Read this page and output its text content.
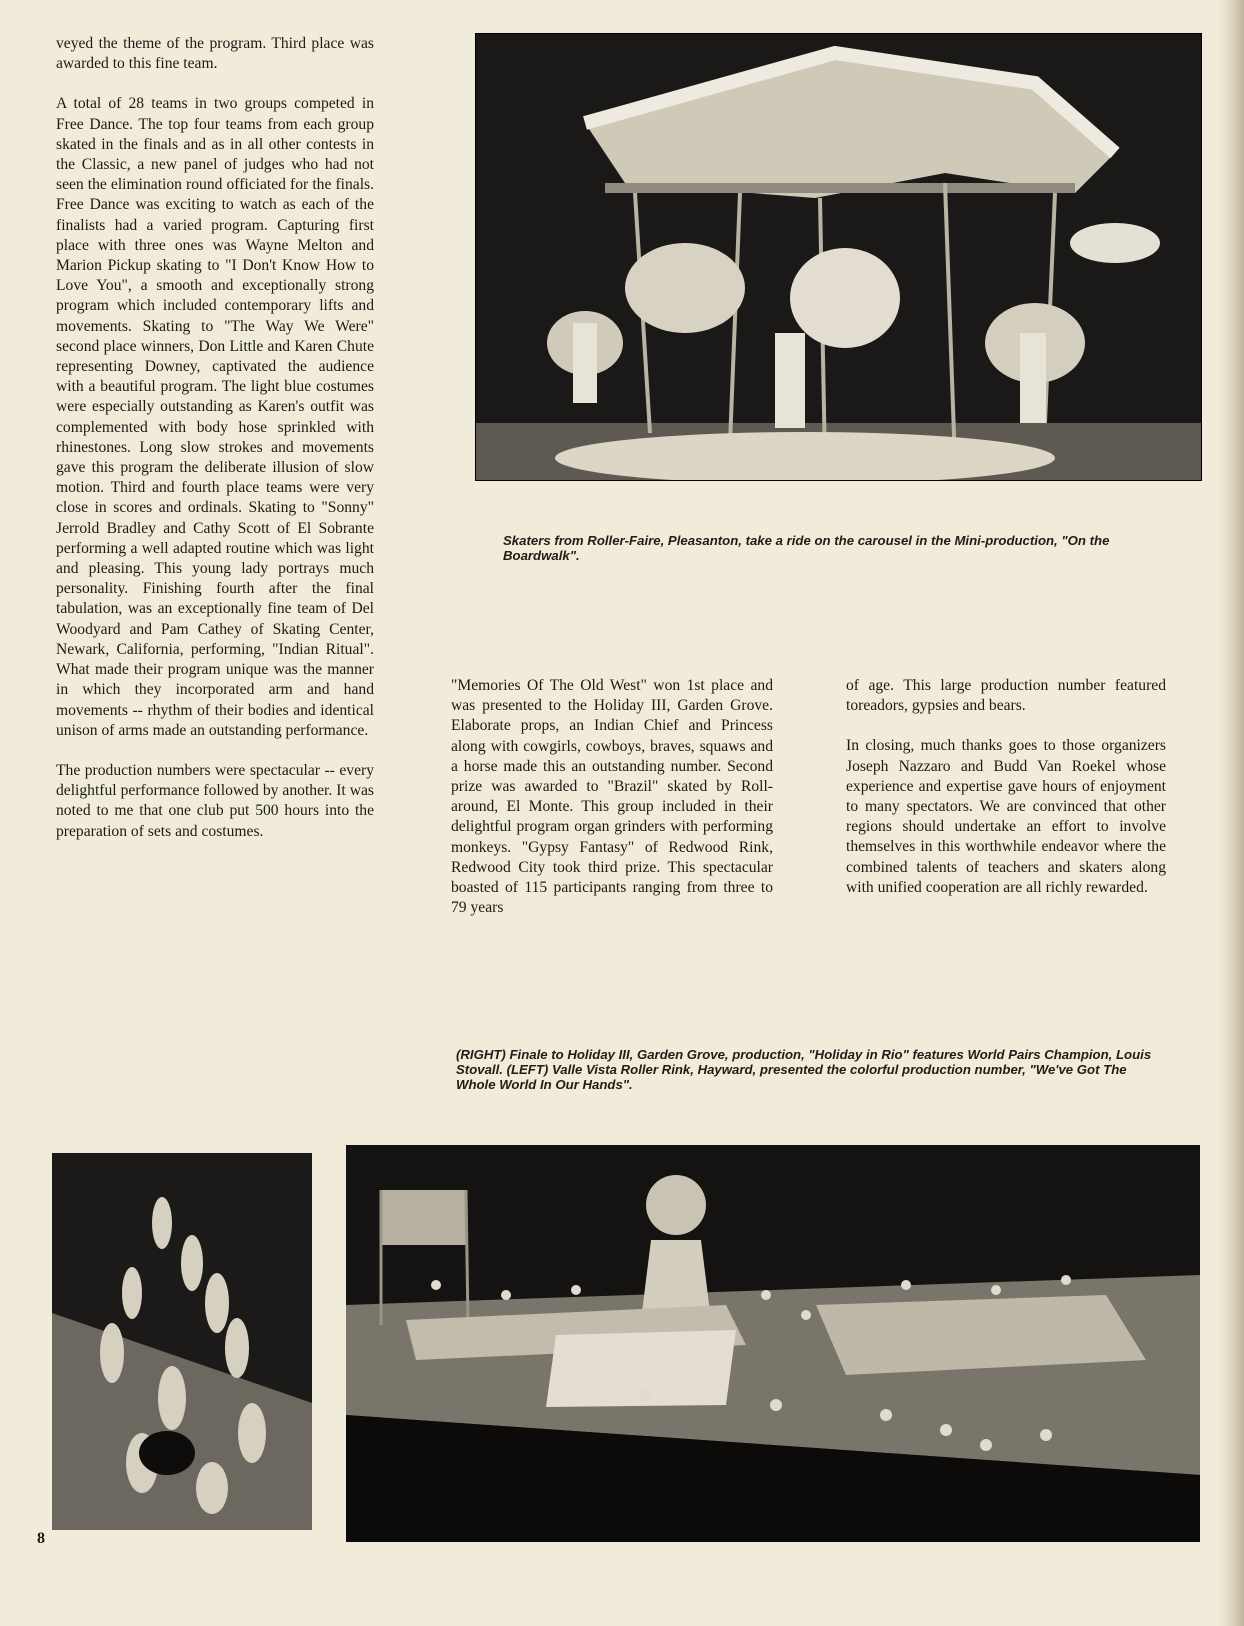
veyed the theme of the program. Third place was awarded to this fine team.

A total of 28 teams in two groups competed in Free Dance. The top four teams from each group skated in the finals and as in all other contests in the Classic, a new panel of judges who had not seen the elimination round officiated for the finals. Free Dance was exciting to watch as each of the finalists had a varied program. Capturing first place with three ones was Wayne Melton and Marion Pickup skating to "I Don't Know How to Love You", a smooth and exceptionally strong program which included contemporary lifts and movements. Skating to "The Way We Were" second place winners, Don Little and Karen Chute representing Downey, captivated the audience with a beautiful program. The light blue costumes were especially outstanding as Karen's outfit was complemented with body hose sprinkled with rhinestones. Long slow strokes and movements gave this program the deliberate illusion of slow motion. Third and fourth place teams were very close in scores and ordinals. Skating to "Sonny" Jerrold Bradley and Cathy Scott of El Sobrante performing a well adapted routine which was light and pleasing. This young lady portrays much personality. Finishing fourth after the final tabulation, was an exceptionally fine team of Del Woodyard and Pam Cathey of Skating Center, Newark, California, performing, "Indian Ritual". What made their program unique was the manner in which they incorporated arm and hand movements -- rhythm of their bodies and identical unison of arms made an outstanding performance.

The production numbers were spectacular -- every delightful performance followed by another. It was noted to me that one club put 500 hours into the preparation of sets and costumes.

Skaters from Roller-Faire, Pleasanton, take a ride on the carousel in the Mini-production, "On the Boardwalk".

"Memories Of The Old West" won 1st place and was presented to the Holiday III, Garden Grove. Elaborate props, an Indian Chief and Princess along with cowgirls, cowboys, braves, squaws and a horse made this an outstanding number. Second prize was awarded to "Brazil" skated by Roll-around, El Monte. This group included in their delightful program organ grinders with performing monkeys. "Gypsy Fantasy" of Redwood Rink, Redwood City took third prize. This spectacular boasted of 115 participants ranging from three to 79 years

of age. This large production number featured toreadors, gypsies and bears.

In closing, much thanks goes to those organizers Joseph Nazzaro and Budd Van Roekel whose experience and expertise gave hours of enjoyment to many spectators. We are convinced that other regions should undertake an effort to involve themselves in this worthwhile endeavor where the combined talents of teachers and skaters along with unified cooperation are all richly rewarded.

(RIGHT) Finale to Holiday III, Garden Grove, production, "Holiday in Rio" features World Pairs Champion, Louis Stovall. (LEFT) Valle Vista Roller Rink, Hayward, presented the colorful production number, "We've Got The Whole World In Our Hands".
8
